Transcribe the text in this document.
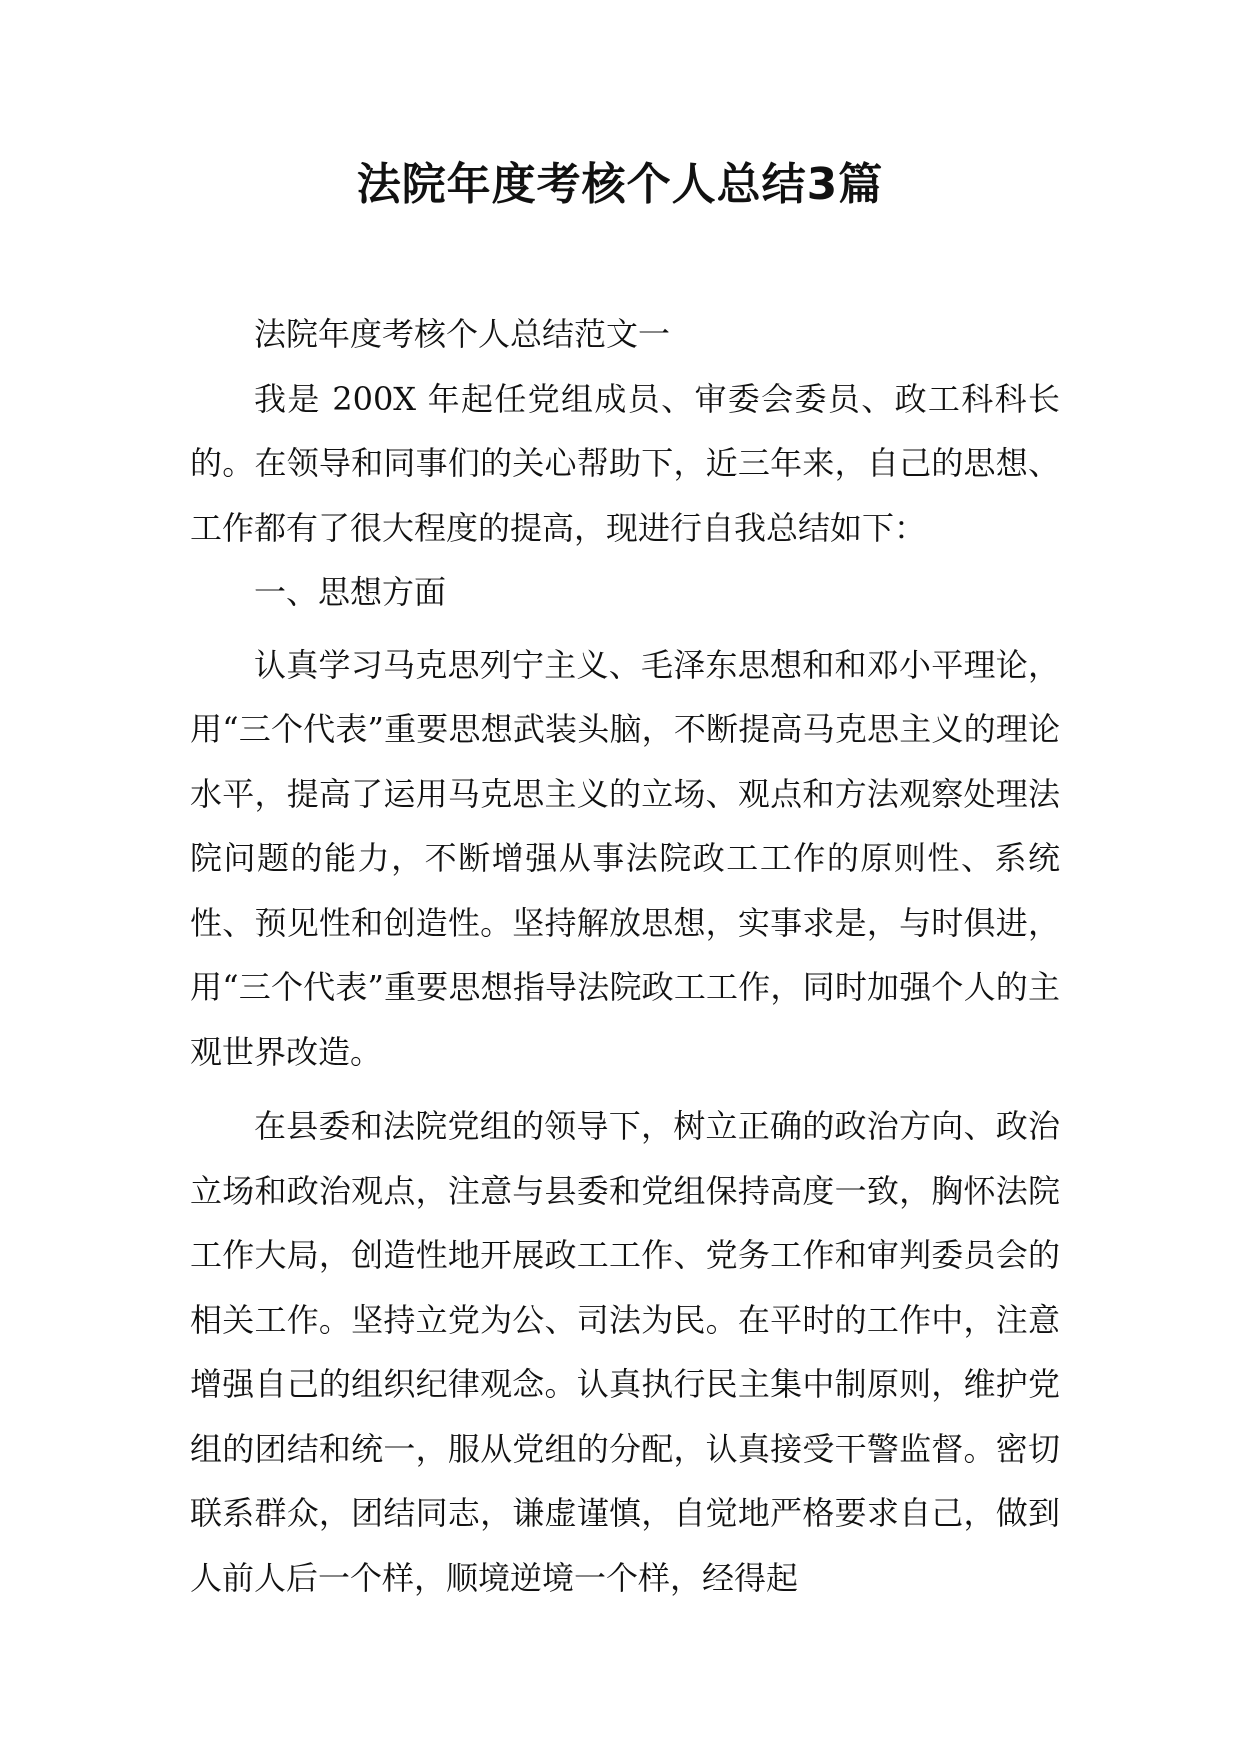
法院年度考核个人总结3篇

法院年度考核个人总结范文一

我是 200X 年起任党组成员、审委会委员、政工科科长的。在领导和同事们的关心帮助下，近三年来，自己的思想、工作都有了很大程度的提高，现进行自我总结如下：

一、思想方面

认真学习马克思列宁主义、毛泽东思想和和邓小平理论，用“三个代表”重要思想武装头脑，不断提高马克思主义的理论水平，提高了运用马克思主义的立场、观点和方法观察处理法院问题的能力，不断增强从事法院政工工作的原则性、系统性、预见性和创造性。坚持解放思想，实事求是，与时俱进，用“三个代表”重要思想指导法院政工工作，同时加强个人的主观世界改造。

在县委和法院党组的领导下，树立正确的政治方向、政治立场和政治观点，注意与县委和党组保持高度一致，胸怀法院工作大局，创造性地开展政工工作、党务工作和审判委员会的相关工作。坚持立党为公、司法为民。在平时的工作中，注意增强自己的组织纪律观念。认真执行民主集中制原则，维护党组的团结和统一，服从党组的分配，认真接受干警监督。密切联系群众，团结同志，谦虚谨慎，自觉地严格要求自己，做到人前人后一个样，顺境逆境一个样，经得起
